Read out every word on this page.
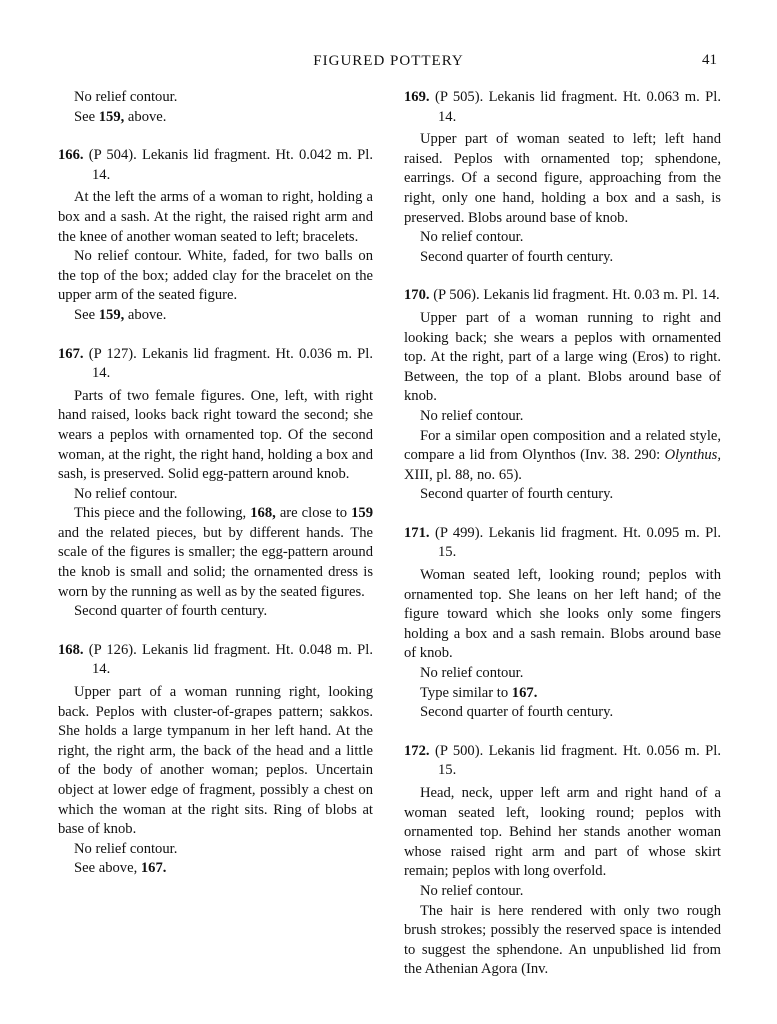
FIGURED POTTERY	41

No relief contour.

See 159, above.

166. (P 504). Lekanis lid fragment. Ht. 0.042 m. Pl. 14.

At the left the arms of a woman to right, holding a box and a sash. At the right, the raised right arm and the knee of another woman seated to left; bracelets.

No relief contour. White, faded, for two balls on the top of the box; added clay for the bracelet on the upper arm of the seated figure.

See 159, above.

167. (P 127). Lekanis lid fragment. Ht. 0.036 m. Pl. 14.

Parts of two female figures. One, left, with right hand raised, looks back right toward the second; she wears a peplos with ornamented top. Of the second woman, at the right, the right hand, holding a box and sash, is preserved. Solid egg-pattern around knob.

No relief contour.

This piece and the following, 168, are close to 159 and the related pieces, but by different hands. The scale of the figures is smaller; the egg-pattern around the knob is small and solid; the ornamented dress is worn by the running as well as by the seated figures.

Second quarter of fourth century.

168. (P 126). Lekanis lid fragment. Ht. 0.048 m. Pl. 14.

Upper part of a woman running right, looking back. Peplos with cluster-of-grapes pattern; sakkos. She holds a large tympanum in her left hand. At the right, the right arm, the back of the head and a little of the body of another woman; peplos. Uncertain object at lower edge of fragment, possibly a chest on which the woman at the right sits. Ring of blobs at base of knob.

No relief contour.

See above, 167.

169. (P 505). Lekanis lid fragment. Ht. 0.063 m. Pl. 14.

Upper part of woman seated to left; left hand raised. Peplos with ornamented top; sphendone, earrings. Of a second figure, approaching from the right, only one hand, holding a box and a sash, is preserved. Blobs around base of knob.

No relief contour.

Second quarter of fourth century.

170. (P 506). Lekanis lid fragment. Ht. 0.03 m. Pl. 14.

Upper part of a woman running to right and looking back; she wears a peplos with ornamented top. At the right, part of a large wing (Eros) to right. Between, the top of a plant. Blobs around base of knob.

No relief contour.

For a similar open composition and a related style, compare a lid from Olynthos (Inv. 38. 290: Olynthus, XIII, pl. 88, no. 65).

Second quarter of fourth century.

171. (P 499). Lekanis lid fragment. Ht. 0.095 m. Pl. 15.

Woman seated left, looking round; peplos with ornamented top. She leans on her left hand; of the figure toward which she looks only some fingers holding a box and a sash remain. Blobs around base of knob.

No relief contour.

Type similar to 167.

Second quarter of fourth century.

172. (P 500). Lekanis lid fragment. Ht. 0.056 m. Pl. 15.

Head, neck, upper left arm and right hand of a woman seated left, looking round; peplos with ornamented top. Behind her stands another woman whose raised right arm and part of whose skirt remain; peplos with long overfold.

No relief contour.

The hair is here rendered with only two rough brush strokes; possibly the reserved space is intended to suggest the sphendone. An unpublished lid from the Athenian Agora (Inv.
